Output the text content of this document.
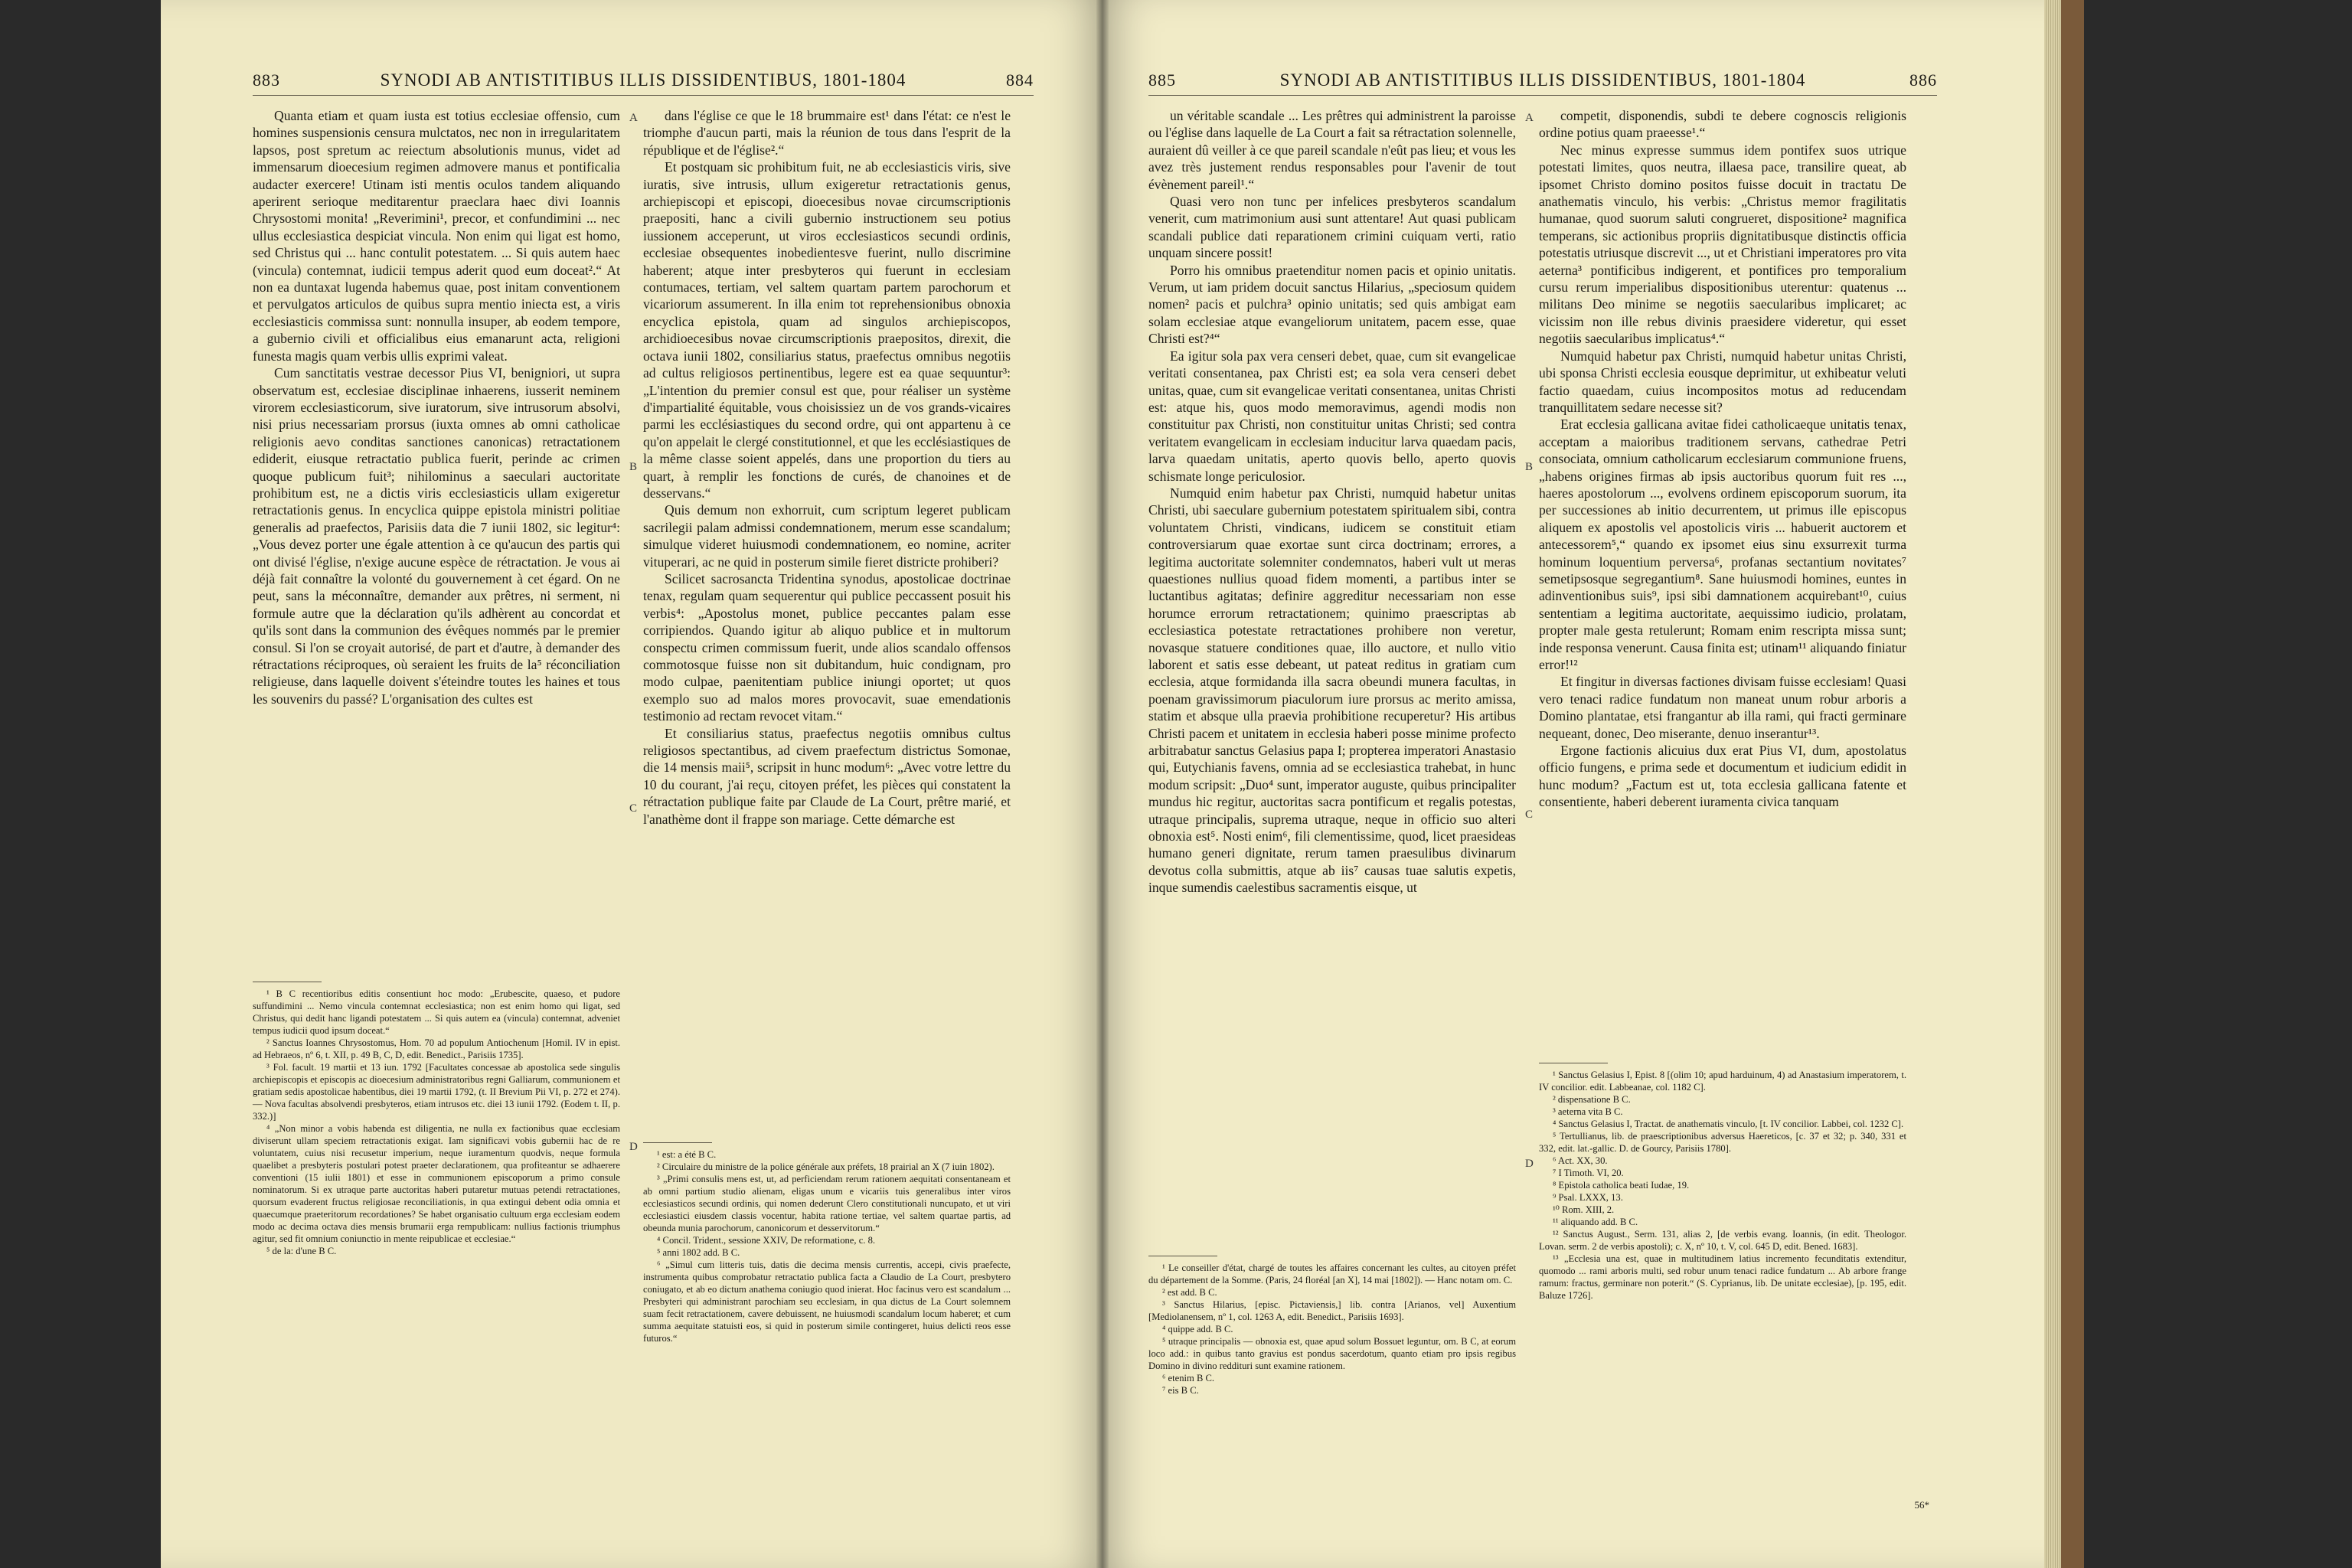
883	SYNODI AB ANTISTITIBUS ILLIS DISSIDENTIBUS, 1801-1804	884

Quanta etiam et quam iusta est totius ecclesiae offensio, cum homines suspensionis censura mulctatos, nec non in irregularitatem lapsos, post spretum ac reiectum absolutionis munus, videt ad immensarum dioecesium regimen admovere manus et pontificalia audacter exercere! Utinam isti mentis oculos tandem aliquando aperirent serioque meditarentur praeclara haec divi Ioannis Chrysostomi monita! „Reverimini¹, precor, et confundimini ... nec ullus ecclesiastica despiciat vincula. Non enim qui ligat est homo, sed Christus qui ... hanc contulit potestatem. ... Si quis autem haec (vincula) contemnat, iudicii tempus aderit quod eum doceat².“ At non ea duntaxat lugenda habemus quae, post initam conventionem et pervulgatos articulos de quibus supra mentio iniecta est, a viris ecclesiasticis commissa sunt: nonnulla insuper, ab eodem tempore, a gubernio civili et officialibus eius emanarunt acta, religioni funesta magis quam verbis ullis exprimi valeat.

Cum sanctitatis vestrae decessor Pius VI, benigniori, ut supra observatum est, ecclesiae disciplinae inhaerens, iusserit neminem virorem ecclesiasticorum, sive iuratorum, sive intrusorum absolvi, nisi prius necessariam prorsus (iuxta omnes ab omni catholicae religionis aevo conditas sanctiones canonicas) retractationem ediderit, eiusque retractatio publica fuerit, perinde ac crimen quoque publicum fuit³; nihilominus a saeculari auctoritate prohibitum est, ne a dictis viris ecclesiasticis ullam exigeretur retractationis genus. In encyclica quippe epistola ministri politiae generalis ad praefectos, Parisiis data die 7 iunii 1802, sic legitur⁴: „Vous devez porter une égale attention à ce qu'aucun des partis qui ont divisé l'église, n'exige aucune espèce de rétractation. Je vous ai déjà fait connaître la volonté du gouvernement à cet égard. On ne peut, sans la méconnaître, demander aux prêtres, ni serment, ni formule autre que la déclaration qu'ils adhèrent au concordat et qu'ils sont dans la communion des évêques nommés par le premier consul. Si l'on se croyait autorisé, de part et d'autre, à demander des rétractations réciproques, où seraient les fruits de la⁵ réconciliation religieuse, dans laquelle doivent s'éteindre toutes les haines et tous les souvenirs du passé? L'organisation des cultes est

dans l'église ce que le 18 brummaire est¹ dans l'état: ce n'est le triomphe d'aucun parti, mais la réunion de tous dans l'esprit de la république et de l'église².“

Et postquam sic prohibitum fuit, ne ab ecclesiasticis viris, sive iuratis, sive intrusis, ullum exigeretur retractationis genus, archiepiscopi et episcopi, dioecesibus novae circumscriptionis praepositi, hanc a civili gubernio instructionem seu potius iussionem acceperunt, ut viros ecclesiasticos secundi ordinis, ecclesiae obsequentes inobedientesve fuerint, nullo discrimine haberent; atque inter presbyteros qui fuerunt in ecclesiam contumaces, tertiam, vel saltem quartam partem parochorum et vicariorum assumerent. In illa enim tot reprehensionibus obnoxia encyclica epistola, quam ad singulos archiepiscopos, archidioecesibus novae circumscriptionis praepositos, direxit, die octava iunii 1802, consiliarius status, praefectus omnibus negotiis ad cultus religiosos pertinentibus, legere est ea quae sequuntur³: „L'intention du premier consul est que, pour réaliser un système d'impartialité équitable, vous choisissiez un de vos grands-vicaires parmi les ecclésiastiques du second ordre, qui ont appartenu à ce qu'on appelait le clergé constitutionnel, et que les ecclésiastiques de la même classe soient appelés, dans une proportion du tiers au quart, à remplir les fonctions de curés, de chanoines et de desservans.“

Quis demum non exhorruit, cum scriptum legeret publicam sacrilegii palam admissi condemnationem, merum esse scandalum; simulque videret huiusmodi condemnationem, eo nomine, acriter vituperari, ac ne quid in posterum simile fieret districte prohiberi?

Scilicet sacrosancta Tridentina synodus, apostolicae doctrinae tenax, regulam quam sequerentur qui publice peccassent posuit his verbis⁴: „Apostolus monet, publice peccantes palam esse corripiendos. Quando igitur ab aliquo publice et in multorum conspectu crimen commissum fuerit, unde alios scandalo offensos commotosque fuisse non sit dubitandum, huic condignam, pro modo culpae, paenitentiam publice iniungi oportet; ut quos exemplo suo ad malos mores provocavit, suae emendationis testimonio ad rectam revocet vitam.“

Et consiliarius status, praefectus negotiis omnibus cultus religiosos spectantibus, ad civem praefectum districtus Somonae, die 14 mensis maii⁵, scripsit in hunc modum⁶: „Avec votre lettre du 10 du courant, j'ai reçu, citoyen préfet, les pièces qui constatent la rétractation publique faite par Claude de La Court, prêtre marié, et l'anathème dont il frappe son mariage. Cette démarche est

A
B
C
D

¹ B C recentioribus editis consentiunt hoc modo: „Erubescite, quaeso, et pudore suffundimini ... Nemo vincula contemnat ecclesiastica; non est enim homo qui ligat, sed Christus, qui dedit hanc ligandi potestatem ... Si quis autem ea (vincula) contemnat, adveniet tempus iudicii quod ipsum doceat.“

² Sanctus Ioannes Chrysostomus, Hom. 70 ad populum Antiochenum [Homil. IV in epist. ad Hebraeos, nº 6, t. XII, p. 49 B, C, D, edit. Benedict., Parisiis 1735].

³ Fol. facult. 19 martii et 13 iun. 1792 [Facultates concessae ab apostolica sede singulis archiepiscopis et episcopis ac dioecesium administratoribus regni Galliarum, communionem et gratiam sedis apostolicae habentibus, diei 19 martii 1792, (t. II Brevium Pii VI, p. 272 et 274). — Nova facultas absolvendi presbyteros, etiam intrusos etc. diei 13 iunii 1792. (Eodem t. II, p. 332.)]

⁴ „Non minor a vobis habenda est diligentia, ne nulla ex factionibus quae ecclesiam diviserunt ullam speciem retractationis exigat. Iam significavi vobis gubernii hac de re voluntatem, cuius nisi recusetur imperium, neque iuramentum quodvis, neque formula quaelibet a presbyteris postulari potest praeter declarationem, qua profiteantur se adhaerere conventioni (15 iulii 1801) et esse in communionem episcoporum a primo consule nominatorum. Si ex utraque parte auctoritas haberi putaretur mutuas petendi retractationes, quorsum evaderent fructus religiosae reconciliationis, in qua extingui debent odia omnia et quaecumque praeteritorum recordationes? Se habet organisatio cultuum erga ecclesiam eodem modo ac decima octava dies mensis brumarii erga rempublicam: nullius factionis triumphus agitur, sed fit omnium coniunctio in mente reipublicae et ecclesiae.“

⁵ de la: d'une B C.

¹ est: a été B C.

² Circulaire du ministre de la police générale aux préfets, 18 prairial an X (7 iuin 1802).

³ „Primi consulis mens est, ut, ad perficiendam rerum rationem aequitati consentaneam et ab omni partium studio alienam, eligas unum e vicariis tuis generalibus inter viros ecclesiasticos secundi ordinis, qui nomen dederunt Clero constitutionali nuncupato, et ut viri ecclesiastici eiusdem classis vocentur, habita ratione tertiae, vel saltem quartae partis, ad obeunda munia parochorum, canonicorum et desservitorum.“

⁴ Concil. Trident., sessione XXIV, De reformatione, c. 8.

⁵ anni 1802 add. B C.

⁶ „Simul cum litteris tuis, datis die decima mensis currentis, accepi, civis praefecte, instrumenta quibus comprobatur retractatio publica facta a Claudio de La Court, presbytero coniugato, et ab eo dictum anathema coniugio quod inierat. Hoc facinus vero est scandalum ... Presbyteri qui administrant parochiam seu ecclesiam, in qua dictus de La Court solemnem suam fecit retractationem, cavere debuissent, ne huiusmodi scandalum locum haberet; et cum summa aequitate statuisti eos, si quid in posterum simile contingeret, huius delicti reos esse futuros.“

885	SYNODI AB ANTISTITIBUS ILLIS DISSIDENTIBUS, 1801-1804	886

un véritable scandale ... Les prêtres qui administrent la paroisse ou l'église dans laquelle de La Court a fait sa rétractation solennelle, auraient dû veiller à ce que pareil scandale n'eût pas lieu; et vous les avez très justement rendus responsables pour l'avenir de tout évènement pareil¹.“

Quasi vero non tunc per infelices presbyteros scandalum venerit, cum matrimonium ausi sunt attentare! Aut quasi publicam scandali publice dati reparationem crimini cuiquam verti, ratio unquam sincere possit!

Porro his omnibus praetenditur nomen pacis et opinio unitatis. Verum, ut iam pridem docuit sanctus Hilarius, „speciosum quidem nomen² pacis et pulchra³ opinio unitatis; sed quis ambigat eam solam ecclesiae atque evangeliorum unitatem, pacem esse, quae Christi est?⁴“

Ea igitur sola pax vera censeri debet, quae, cum sit evangelicae veritati consentanea, pax Christi est; ea sola vera censeri debet unitas, quae, cum sit evangelicae veritati consentanea, unitas Christi est: atque his, quos modo memoravimus, agendi modis non constituitur pax Christi, non constituitur unitas Christi; sed contra veritatem evangelicam in ecclesiam inducitur larva quaedam pacis, larva quaedam unitatis, aperto quovis bello, aperto quovis schismate longe periculosior.

Numquid enim habetur pax Christi, numquid habetur unitas Christi, ubi saeculare gubernium potestatem spiritualem sibi, contra voluntatem Christi, vindicans, iudicem se constituit etiam controversiarum quae exortae sunt circa doctrinam; errores, a legitima auctoritate solemniter condemnatos, haberi vult ut meras quaestiones nullius quoad fidem momenti, a partibus inter se luctantibus agitatas; definire aggreditur necessariam non esse horumce errorum retractationem; quinimo praescriptas ab ecclesiastica potestate retractationes prohibere non veretur, novasque statuere conditiones quae, illo auctore, et nullo vitio laborent et satis esse debeant, ut pateat reditus in gratiam cum ecclesia, atque formidanda illa sacra obeundi munera facultas, in poenam gravissimorum piaculorum iure prorsus ac merito amissa, statim et absque ulla praevia prohibitione recuperetur? His artibus Christi pacem et unitatem in ecclesia haberi posse minime profecto arbitrabatur sanctus Gelasius papa I; propterea imperatori Anastasio qui, Eutychianis favens, omnia ad se ecclesiastica trahebat, in hunc modum scripsit: „Duo⁴ sunt, imperator auguste, quibus principaliter mundus hic regitur, auctoritas sacra pontificum et regalis potestas, utraque principalis, suprema utraque, neque in officio suo alteri obnoxia est⁵. Nosti enim⁶, fili clementissime, quod, licet praesideas humano generi dignitate, rerum tamen praesulibus divinarum devotus colla submittis, atque ab iis⁷ causas tuae salutis expetis, inque sumendis caelestibus sacramentis eisque, ut

competit, disponendis, subdi te debere cognoscis religionis ordine potius quam praeesse¹.“

Nec minus expresse summus idem pontifex suos utrique potestati limites, quos neutra, illaesa pace, transilire queat, ab ipsomet Christo domino positos fuisse docuit in tractatu De anathematis vinculo, his verbis: „Christus memor fragilitatis humanae, quod suorum saluti congrueret, dispositione² magnifica temperans, sic actionibus propriis dignitatibusque distinctis officia potestatis utriusque discrevit ..., ut et Christiani imperatores pro vita aeterna³ pontificibus indigerent, et pontifices pro temporalium cursu rerum imperialibus dispositionibus uterentur: quatenus ... militans Deo minime se negotiis saecularibus implicaret; ac vicissim non ille rebus divinis praesidere videretur, qui esset negotiis saecularibus implicatus⁴.“

Numquid habetur pax Christi, numquid habetur unitas Christi, ubi sponsa Christi ecclesia eousque deprimitur, ut exhibeatur veluti factio quaedam, cuius incompositos motus ad reducendam tranquillitatem sedare necesse sit?

Erat ecclesia gallicana avitae fidei catholicaeque unitatis tenax, acceptam a maioribus traditionem servans, cathedrae Petri consociata, omnium catholicarum ecclesiarum communione fruens, „habens origines firmas ab ipsis auctoribus quorum fuit res ..., haeres apostolorum ..., evolvens ordinem episcoporum suorum, ita per successiones ab initio decurrentem, ut primus ille episcopus aliquem ex apostolis vel apostolicis viris ... habuerit auctorem et antecessorem⁵,“ quando ex ipsomet eius sinu exsurrexit turma hominum loquentium perversa⁶, profanas sectantium novitates⁷ semetipsosque segregantium⁸. Sane huiusmodi homines, euntes in adinventionibus suis⁹, ipsi sibi damnationem acquirebant¹⁰, cuius sententiam a legitima auctoritate, aequissimo iudicio, prolatam, propter male gesta retulerunt; Romam enim rescripta missa sunt; inde responsa venerunt. Causa finita est; utinam¹¹ aliquando finiatur error!¹²

Et fingitur in diversas factiones divisam fuisse ecclesiam! Quasi vero tenaci radice fundatum non maneat unum robur arboris a Domino plantatae, etsi frangantur ab illa rami, qui fracti germinare nequeant, donec, Deo miserante, denuo inserantur¹³.

Ergone factionis alicuius dux erat Pius VI, dum, apostolatus officio fungens, e prima sede et documentum et iudicium edidit in hunc modum? „Factum est ut, tota ecclesia gallicana fatente et consentiente, haberi deberent iuramenta civica tanquam

A
B
C
D

¹ Le conseiller d'état, chargé de toutes les affaires concernant les cultes, au citoyen préfet du département de la Somme. (Paris, 24 floréal [an X], 14 mai [1802]). — Hanc notam om. C.

² est add. B C.

³ Sanctus Hilarius, [episc. Pictaviensis,] lib. contra [Arianos, vel] Auxentium [Mediolanensem, nº 1, col. 1263 A, edit. Benedict., Parisiis 1693].

⁴ quippe add. B C.

⁵ utraque principalis — obnoxia est, quae apud solum Bossuet leguntur, om. B C, at eorum loco add.: in quibus tanto gravius est pondus sacerdotum, quanto etiam pro ipsis regibus Domino in divino reddituri sunt examine rationem.

⁶ etenim B C.

⁷ eis B C.

¹ Sanctus Gelasius I, Epist. 8 [(olim 10; apud harduinum, 4) ad Anastasium imperatorem, t. IV concilior. edit. Labbeanae, col. 1182 C].

² dispensatione B C.

³ aeterna vita B C.

⁴ Sanctus Gelasius I, Tractat. de anathematis vinculo, [t. IV concilior. Labbei, col. 1232 C].

⁵ Tertullianus, lib. de praescriptionibus adversus Haereticos, [c. 37 et 32; p. 340, 331 et 332, edit. lat.-gallic. D. de Gourcy, Parisiis 1780].

⁶ Act. XX, 30.

⁷ I Timoth. VI, 20.

⁸ Epistola catholica beati Iudae, 19.

⁹ Psal. LXXX, 13.

¹⁰ Rom. XIII, 2.

¹¹ aliquando add. B C.

¹² Sanctus August., Serm. 131, alias 2, [de verbis evang. Ioannis, (in edit. Theologor. Lovan. serm. 2 de verbis apostoli); c. X, nº 10, t. V, col. 645 D, edit. Bened. 1683].

¹³ „Ecclesia una est, quae in multitudinem latius incremento fecunditatis extenditur, quomodo ... rami arboris multi, sed robur unum tenaci radice fundatum ... Ab arbore frange ramum: fractus, germinare non poterit.“ (S. Cyprianus, lib. De unitate ecclesiae), [p. 195, edit. Baluze 1726].

56*
